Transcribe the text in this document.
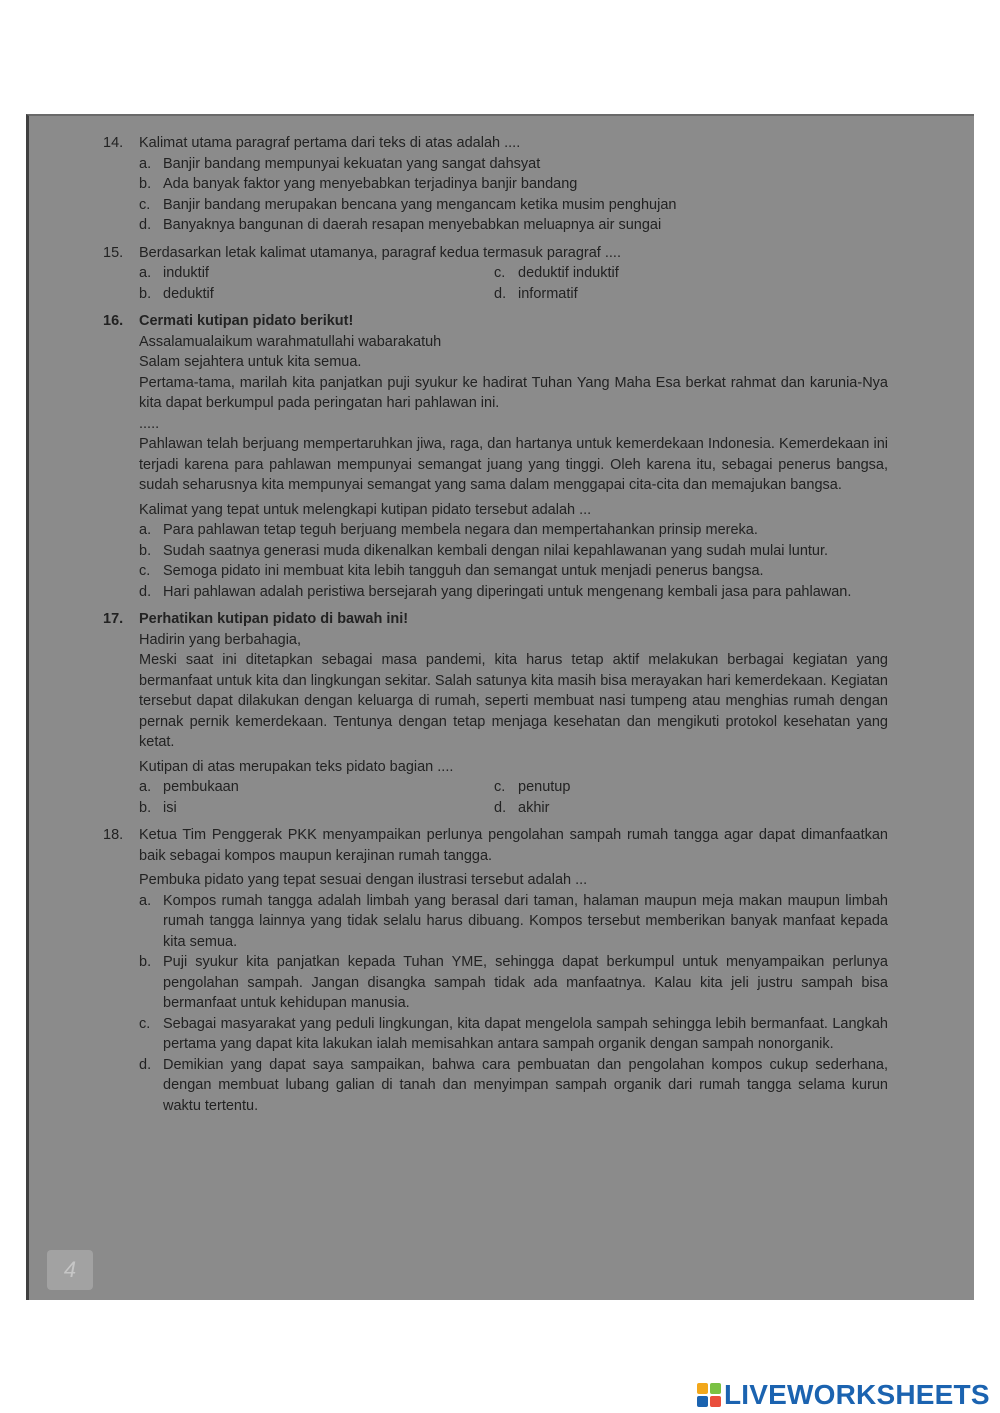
14.	Kalimat utama paragraf pertama dari teks di atas adalah ....
a. Banjir bandang mempunyai kekuatan yang sangat dahsyat
b. Ada banyak faktor yang menyebabkan terjadinya banjir bandang
c. Banjir bandang merupakan bencana yang mengancam ketika musim penghujan
d. Banyaknya bangunan di daerah resapan menyebabkan meluapnya air sungai
15.	Berdasarkan letak kalimat utamanya, paragraf kedua termasuk paragraf ....
a. induktif	c. deduktif induktif
b. deduktif	d. informatif
16.	Cermati kutipan pidato berikut!
Assalamualaikum warahmatullahi wabarakatuh
Salam sejahtera untuk kita semua.
Pertama-tama, marilah kita panjatkan puji syukur ke hadirat Tuhan Yang Maha Esa berkat rahmat dan karunia-Nya kita dapat berkumpul pada peringatan hari pahlawan ini.
.....
Pahlawan telah berjuang mempertaruhkan jiwa, raga, dan hartanya untuk kemerdekaan Indonesia. Kemerdekaan ini terjadi karena para pahlawan mempunyai semangat juang yang tinggi. Oleh karena itu, sebagai penerus bangsa, sudah seharusnya kita mempunyai semangat yang sama dalam menggapai cita-cita dan memajukan bangsa.
Kalimat yang tepat untuk melengkapi kutipan pidato tersebut adalah ...
a. Para pahlawan tetap teguh berjuang membela negara dan mempertahankan prinsip mereka.
b. Sudah saatnya generasi muda dikenalkan kembali dengan nilai kepahlawanan yang sudah mulai luntur.
c. Semoga pidato ini membuat kita lebih tangguh dan semangat untuk menjadi penerus bangsa.
d. Hari pahlawan adalah peristiwa bersejarah yang diperingati untuk mengenang kembali jasa para pahlawan.
17.	Perhatikan kutipan pidato di bawah ini!
Hadirin yang berbahagia,
Meski saat ini ditetapkan sebagai masa pandemi, kita harus tetap aktif melakukan berbagai kegiatan yang bermanfaat untuk kita dan lingkungan sekitar. Salah satunya kita masih bisa merayakan hari kemerdekaan. Kegiatan tersebut dapat dilakukan dengan keluarga di rumah, seperti membuat nasi tumpeng atau menghias rumah dengan pernak pernik kemerdekaan. Tentunya dengan tetap menjaga kesehatan dan mengikuti protokol kesehatan yang ketat.
Kutipan di atas merupakan teks pidato bagian ....
a. pembukaan	c. penutup
b. isi	d. akhir
18.	Ketua Tim Penggerak PKK menyampaikan perlunya pengolahan sampah rumah tangga agar dapat dimanfaatkan baik sebagai kompos maupun kerajinan rumah tangga.
Pembuka pidato yang tepat sesuai dengan ilustrasi tersebut adalah ...
a. Kompos rumah tangga adalah limbah yang berasal dari taman, halaman maupun meja makan maupun limbah rumah tangga lainnya yang tidak selalu harus dibuang. Kompos tersebut memberikan banyak manfaat kepada kita semua.
b. Puji syukur kita panjatkan kepada Tuhan YME, sehingga dapat berkumpul untuk menyampaikan perlunya pengolahan sampah. Jangan disangka sampah tidak ada manfaatnya. Kalau kita jeli justru sampah bisa bermanfaat untuk kehidupan manusia.
c. Sebagai masyarakat yang peduli lingkungan, kita dapat mengelola sampah sehingga lebih bermanfaat. Langkah pertama yang dapat kita lakukan ialah memisahkan antara sampah organik dengan sampah nonorganik.
d. Demikian yang dapat saya sampaikan, bahwa cara pembuatan dan pengolahan kompos cukup sederhana, dengan membuat lubang galian di tanah dan menyimpan sampah organik dari rumah tangga selama kurun waktu tertentu.
4
LIVEWORKSHEETS
